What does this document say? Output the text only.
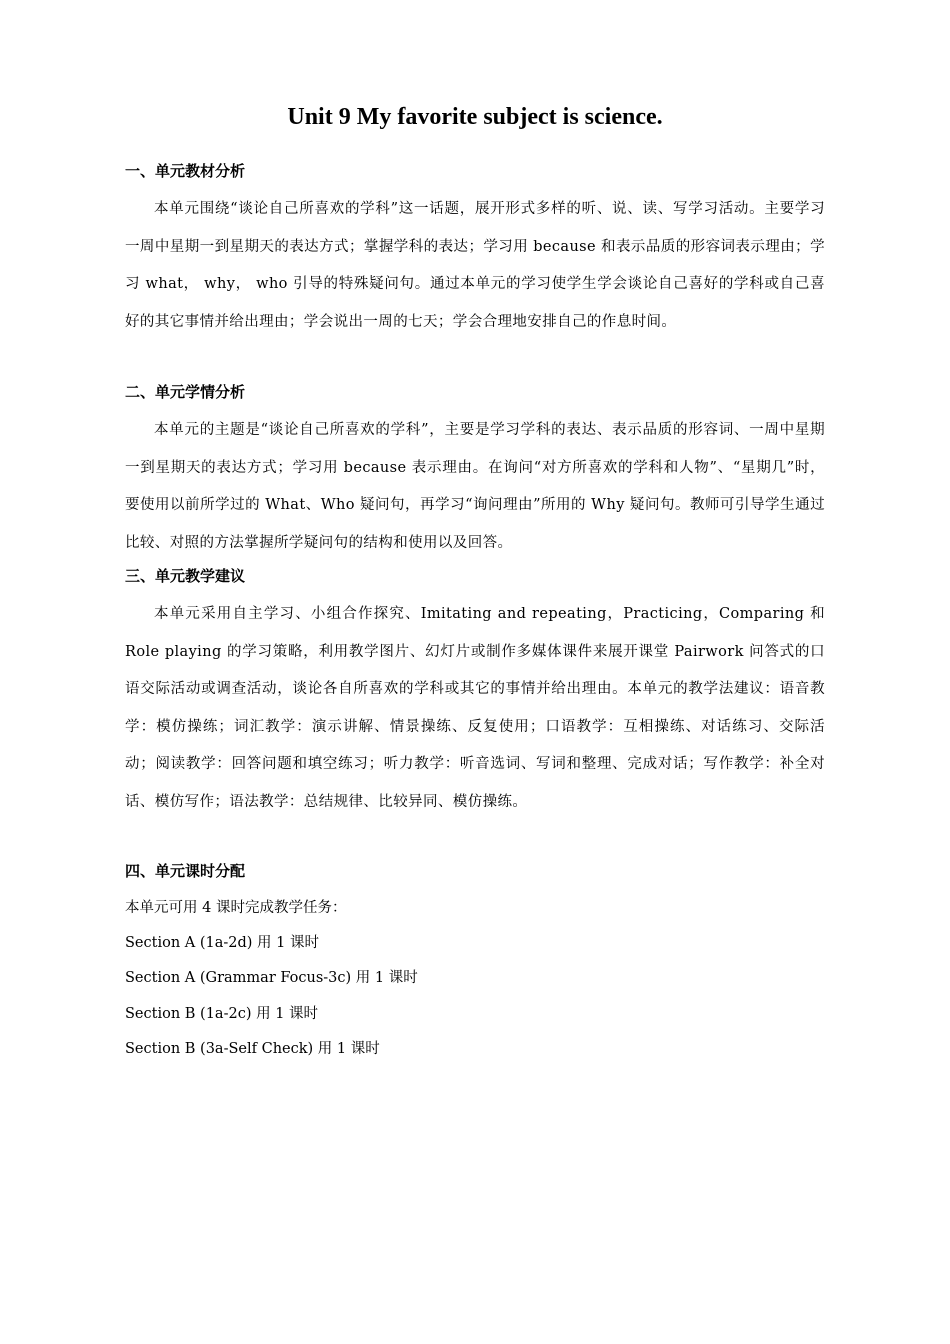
Unit 9 My favorite subject is science.
一、单元教材分析

本单元围绕“谈论自己所喜欢的学科”这一话题，展开形式多样的听、说、读、写学习活动。主要学习一周中星期一到星期天的表达方式；掌握学科的表达；学习用 because 和表示品质的形容词表示理由；学习 what， why， who 引导的特殊疑问句。通过本单元的学习使学生学会谈论自己喜好的学科或自己喜好的其它事情并给出理由；学会说出一周的七天；学会合理地安排自己的作息时间。

二、单元学情分析

本单元的主题是“谈论自己所喜欢的学科”，主要是学习学科的表达、表示品质的形容词、一周中星期一到星期天的表达方式；学习用 because 表示理由。在询问“对方所喜欢的学科和人物”、“星期几”时，要使用以前所学过的 What、Who 疑问句，再学习“询问理由”所用的 Why 疑问句。教师可引导学生通过比较、对照的方法掌握所学疑问句的结构和使用以及回答。

三、单元教学建议

本单元采用自主学习、小组合作探究、Imitating and repeating，Practicing，Comparing 和 Role playing 的学习策略，利用教学图片、幻灯片或制作多媒体课件来展开课堂 Pairwork 问答式的口语交际活动或调查活动，谈论各自所喜欢的学科或其它的事情并给出理由。本单元的教学法建议：语音教学：模仿操练；词汇教学：演示讲解、情景操练、反复使用；口语教学：互相操练、对话练习、交际活动；阅读教学：回答问题和填空练习；听力教学：听音选词、写词和整理、完成对话；写作教学：补全对话、模仿写作；语法教学：总结规律、比较异同、模仿操练。

四、单元课时分配

本单元可用 4 课时完成教学任务：

Section A (1a-2d) 用 1 课时

Section A (Grammar Focus-3c) 用 1 课时

Section B (1a-2c) 用 1 课时

Section B (3a-Self Check) 用 1 课时
